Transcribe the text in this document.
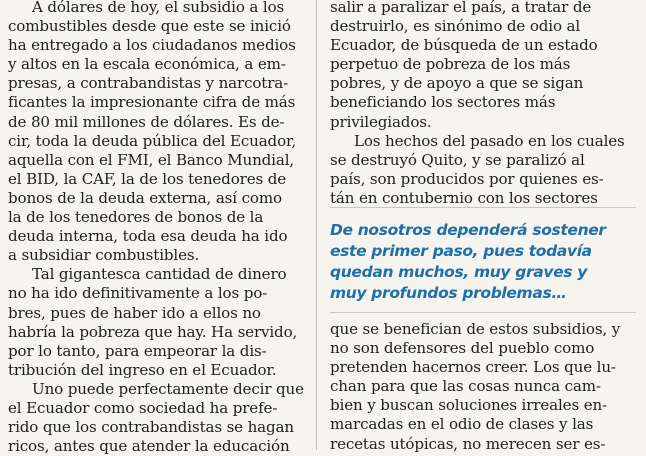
A dólares de hoy, el subsidio a los
combustibles desde que este se inició
ha entregado a los ciudadanos medios
y altos en la escala económica, a em-
presas, a contrabandistas y narcotra-
ficantes la impresionante cifra de más
de 80 mil millones de dólares. Es de-
cir, toda la deuda pública del Ecuador,
aquella con el FMI, el Banco Mundial,
el BID, la CAF, la de los tenedores de
bonos de la deuda externa, así como
la de los tenedores de bonos de la
deuda interna, toda esa deuda ha ido
a subsidiar combustibles.
Tal gigantesca cantidad de dinero
no ha ido definitivamente a los po-
bres, pues de haber ido a ellos no
habría la pobreza que hay. Ha servido,
por lo tanto, para empeorar la dis-
tribución del ingreso en el Ecuador.
Uno puede perfectamente decir que
el Ecuador como sociedad ha prefe-
rido que los contrabandistas se hagan
ricos, antes que atender la educación
salir a paralizar el país, a tratar de
destruirlo, es sinónimo de odio al
Ecuador, de búsqueda de un estado
perpetuo de pobreza de los más
pobres, y de apoyo a que se sigan
beneficiando los sectores más
privilegiados.
Los hechos del pasado en los cuales
se destruyó Quito, y se paralizó al
país, son producidos por quienes es-
tán en contubernio con los sectores
De nosotros dependerá sostener
este primer paso, pues todavía
quedan muchos, muy graves y
muy profundos problemas…
que se benefician de estos subsidios, y
no son defensores del pueblo como
pretenden hacernos creer. Los que lu-
chan para que las cosas nunca cam-
bien y buscan soluciones irreales en-
marcadas en el odio de clases y las
recetas utópicas, no merecen ser es-
